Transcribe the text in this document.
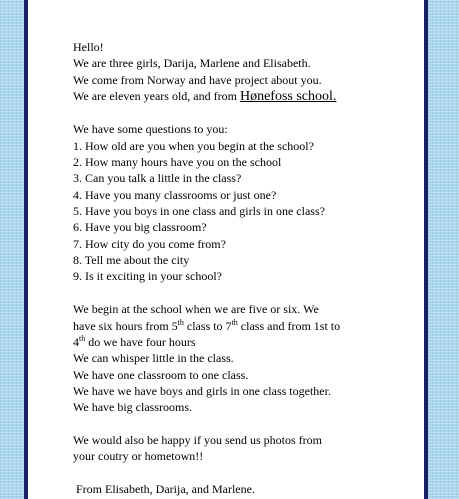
Hello!

We are three girls, Darija, Marlene and Elisabeth.

We come from Norway and have project about you.

We are eleven years old, and from Hønefoss school.

We have some questions to you:

1. How old are you when you begin at the school?

2. How many hours have you on the school

3. Can you talk a little in the class?

4. Have you many classrooms or just one?

5. Have you boys in one class and girls in one class?

6. Have you big classroom?

7. How city do you come from?

8. Tell me about the city

9. Is it exciting in your school?

We begin at the school when we are five or six. We

have six hours from 5th class to 7th class and from 1st to

4th do we have four hours

We can whisper little in the class.

We have one classroom to one class.

We have we have boys and girls in one class together.

We have big classrooms.

We would also be happy if you send us photos from

your coutry or hometown!!

From Elisabeth, Darija, and Marlene.
